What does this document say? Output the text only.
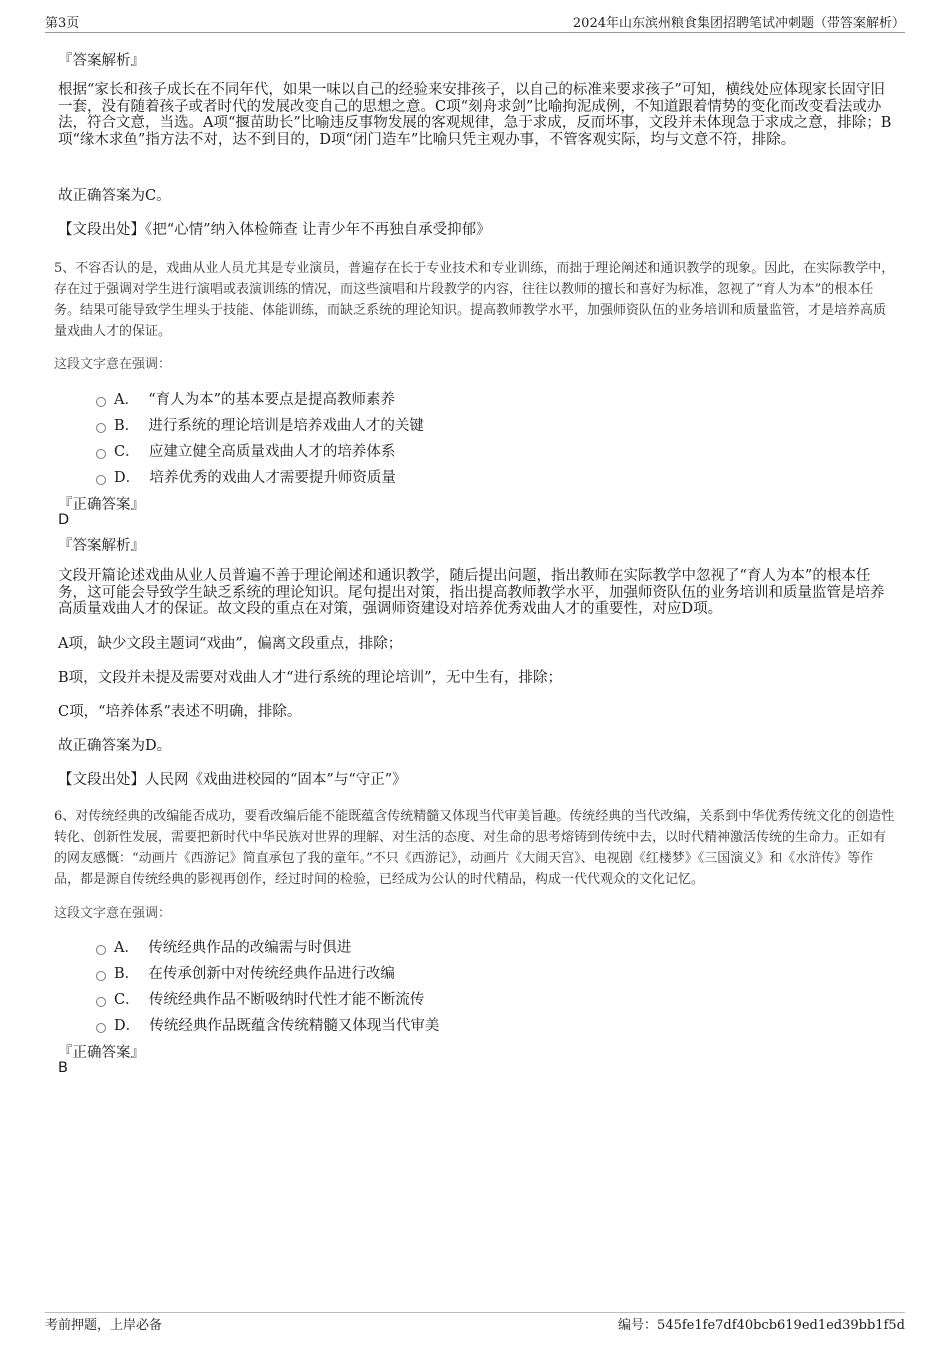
第3页	2024年山东滨州粮食集团招聘笔试冲刺题（带答案解析）
『答案解析』
根据“家长和孩子成长在不同年代，如果一味以自己的经验来安排孩子，以自己的标准来要求孩子”可知，横线处应体现家长固守旧一套，没有随着孩子或者时代的发展改变自己的思想之意。C项“刻舟求剑”比喻拘泥成例，不知道跟着情势的变化而改变看法或办法，符合文意，当选。A项“揠苗助长”比喻违反事物发展的客观规律，急于求成，反而坏事，文段并未体现急于求成之意，排除；B项“缘木求鱼”指方法不对，达不到目的，D项“闭门造车”比喻只凭主观办事，不管客观实际，均与文意不符，排除。
故正确答案为C。
【文段出处】《把“心情”纳入体检筛查 让青少年不再独自承受抑郁》
5、不容否认的是，戏曲从业人员尤其是专业演员，普遍存在长于专业技术和专业训练，而拙于理论阐述和通识教学的现象。因此，在实际教学中，存在过于强调对学生进行演唱或表演训练的情况，而这些演唱和片段教学的内容，往往以教师的擅长和喜好为标准，忽视了“育人为本”的根本任务。结果可能导致学生埋头于技能、体能训练，而缺乏系统的理论知识。提高教师教学水平，加强师资队伍的业务培训和质量监管，才是培养高质量戏曲人才的保证。
这段文字意在强调：
A． “育人为本”的基本要点是提高教师素养
B． 进行系统的理论培训是培养戏曲人才的关键
C． 应建立健全高质量戏曲人才的培养体系
D． 培养优秀的戏曲人才需要提升师资质量
『正确答案』
D
『答案解析』
文段开篇论述戏曲从业人员普遍不善于理论阐述和通识教学，随后提出问题，指出教师在实际教学中忽视了“育人为本”的根本任务，这可能会导致学生缺乏系统的理论知识。尾句提出对策，指出提高教师教学水平，加强师资队伍的业务培训和质量监管是培养高质量戏曲人才的保证。故文段的重点在对策，强调师资建设对培养优秀戏曲人才的重要性，对应D项。
A项，缺少文段主题词“戏曲”，偏离文段重点，排除；
B项，文段并未提及需要对戏曲人才“进行系统的理论培训”，无中生有，排除；
C项，“培养体系”表述不明确，排除。
故正确答案为D。
【文段出处】人民网《戏曲进校园的“固本”与“守正”》
6、对传统经典的改编能否成功，要看改编后能不能既蕴含传统精髓又体现当代审美旨趣。传统经典的当代改编，关系到中华优秀传统文化的创造性转化、创新性发展，需要把新时代中华民族对世界的理解、对生活的态度、对生命的思考熔铸到传统中去，以时代精神激活传统的生命力。正如有的网友感慨：“动画片《西游记》简直承包了我的童年。”不只《西游记》，动画片《大闹天宫》、电视剧《红楼梦》《三国演义》和《水浒传》等作品，都是源自传统经典的影视再创作，经过时间的检验，已经成为公认的时代精品，构成一代代观众的文化记忆。
这段文字意在强调：
A． 传统经典作品的改编需与时俱进
B． 在传承创新中对传统经典作品进行改编
C． 传统经典作品不断吸纳时代性才能不断流传
D． 传统经典作品既蕴含传统精髓又体现当代审美
『正确答案』
B
考前押题，上岸必备	编号：545fe1fe7df40bcb619ed1ed39bb1f5d
